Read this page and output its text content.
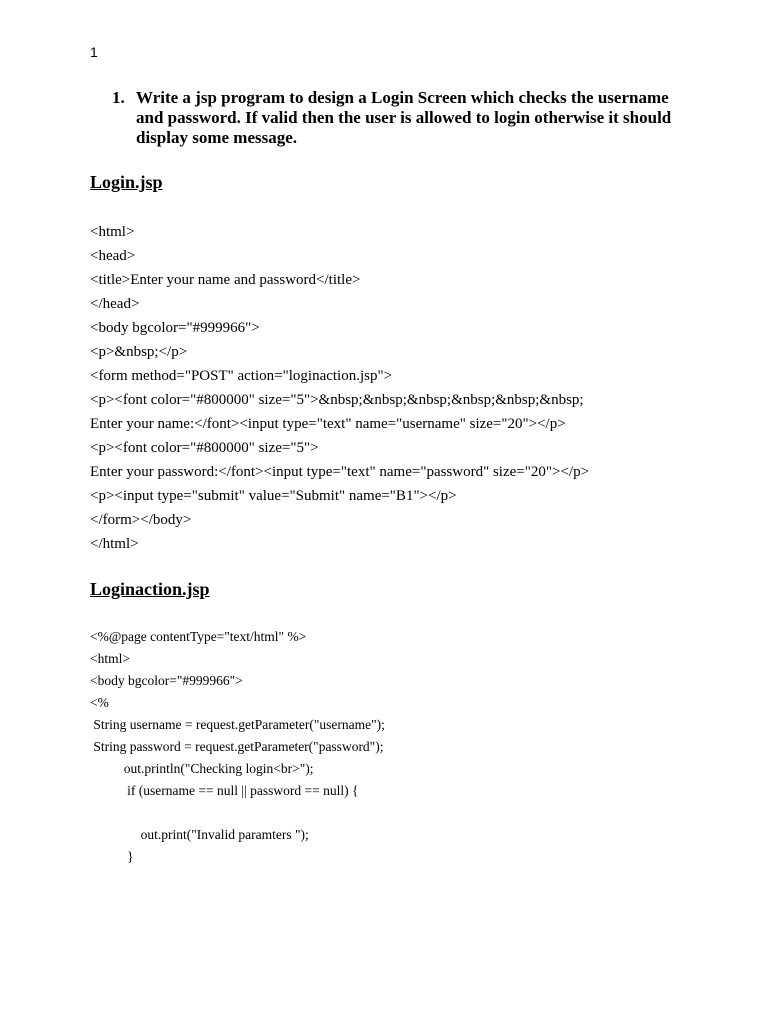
1
1. Write a jsp program to design a Login Screen which checks the username and password. If valid then the user is allowed to login otherwise it should display some message.
Login.jsp
<html>
<head>
<title>Enter your name and password</title>
</head>
<body bgcolor="#999966">
<p>&nbsp;</p>
<form method="POST" action="loginaction.jsp">
<p><font color="#800000" size="5">&nbsp;&nbsp;&nbsp;&nbsp;&nbsp;&nbsp;
Enter your name:</font><input type="text" name="username" size="20"></p>
<p><font color="#800000" size="5">
Enter your password:</font><input type="text" name="password" size="20"></p>
<p><input type="submit" value="Submit" name="B1"></p>
</form></body>
</html>
Loginaction.jsp
<%@page contentType="text/html" %>
<html>
<body bgcolor="#999966">
<%
String username = request.getParameter("username");
String password = request.getParameter("password");
out.println("Checking login<br>");
if (username == null || password == null) {
out.print("Invalid paramters ");
}
